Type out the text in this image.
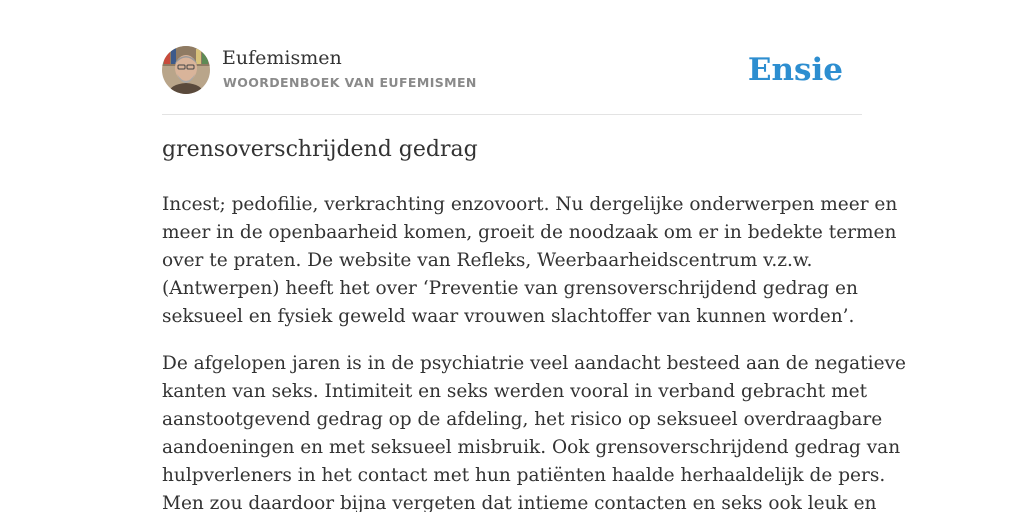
Eufemismen
WOORDENBOEK VAN EUFEMISMEN	Ensie
grensoverschrijdend gedrag

Incest; pedofilie, verkrachting enzovoort. Nu dergelijke onderwerpen meer en
meer in de openbaarheid komen, groeit de noodzaak om er in bedekte termen
over te praten. De website van Refleks, Weerbaarheidscentrum v.z.w.
(Antwerpen) heeft het over ‘Preventie van grensoverschrijdend gedrag en
seksueel en fysiek geweld waar vrouwen slachtoffer van kunnen worden’.

De afgelopen jaren is in de psychiatrie veel aandacht besteed aan de negatieve
kanten van seks. Intimiteit en seks werden vooral in verband gebracht met
aanstootgevend gedrag op de afdeling, het risico op seksueel overdraagbare
aandoeningen en met seksueel misbruik. Ook grensoverschrijdend gedrag van
hulpverleners in het contact met hun patiënten haalde herhaaldelijk de pers.
Men zou daardoor bijna vergeten dat intieme contacten en seks ook leuk en
